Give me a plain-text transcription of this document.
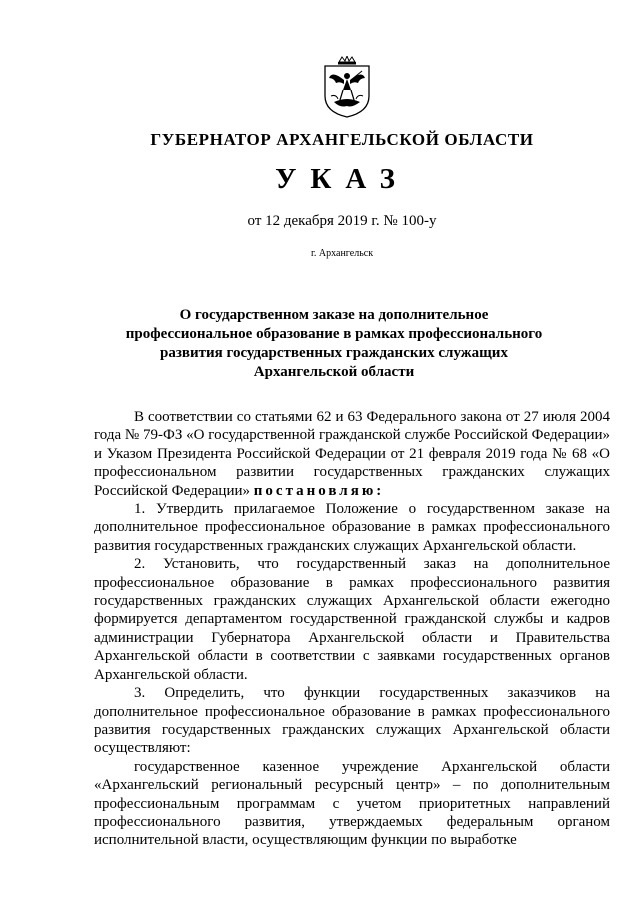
ГУБЕРНАТОР АРХАНГЕЛЬСКОЙ ОБЛАСТИ
УКАЗ
от 12 декабря 2019 г. № 100-у
г. Архангельск
О государственном заказе на дополнительное профессиональное образование в рамках профессионального развития государственных гражданских служащих Архангельской области

В соответствии со статьями 62 и 63 Федерального закона от 27 июля 2004 года № 79-ФЗ «О государственной гражданской службе Российской Федерации» и Указом Президента Российской Федерации от 21 февраля 2019 года № 68 «О профессиональном развитии государственных гражданских служащих Российской Федерации» постановляю:

1. Утвердить прилагаемое Положение о государственном заказе на дополнительное профессиональное образование в рамках профессионального развития государственных гражданских служащих Архангельской области.

2. Установить, что государственный заказ на дополнительное профессиональное образование в рамках профессионального развития государственных гражданских служащих Архангельской области ежегодно формируется департаментом государственной гражданской службы и кадров администрации Губернатора Архангельской области и Правительства Архангельской области в соответствии с заявками государственных органов Архангельской области.

3. Определить, что функции государственных заказчиков на дополнительное профессиональное образование в рамках профессионального развития государственных гражданских служащих Архангельской области осуществляют:

государственное казенное учреждение Архангельской области «Архангельский региональный ресурсный центр» – по дополнительным профессиональным программам с учетом приоритетных направлений профессионального развития, утверждаемых федеральным органом исполнительной власти, осуществляющим функции по выработке
